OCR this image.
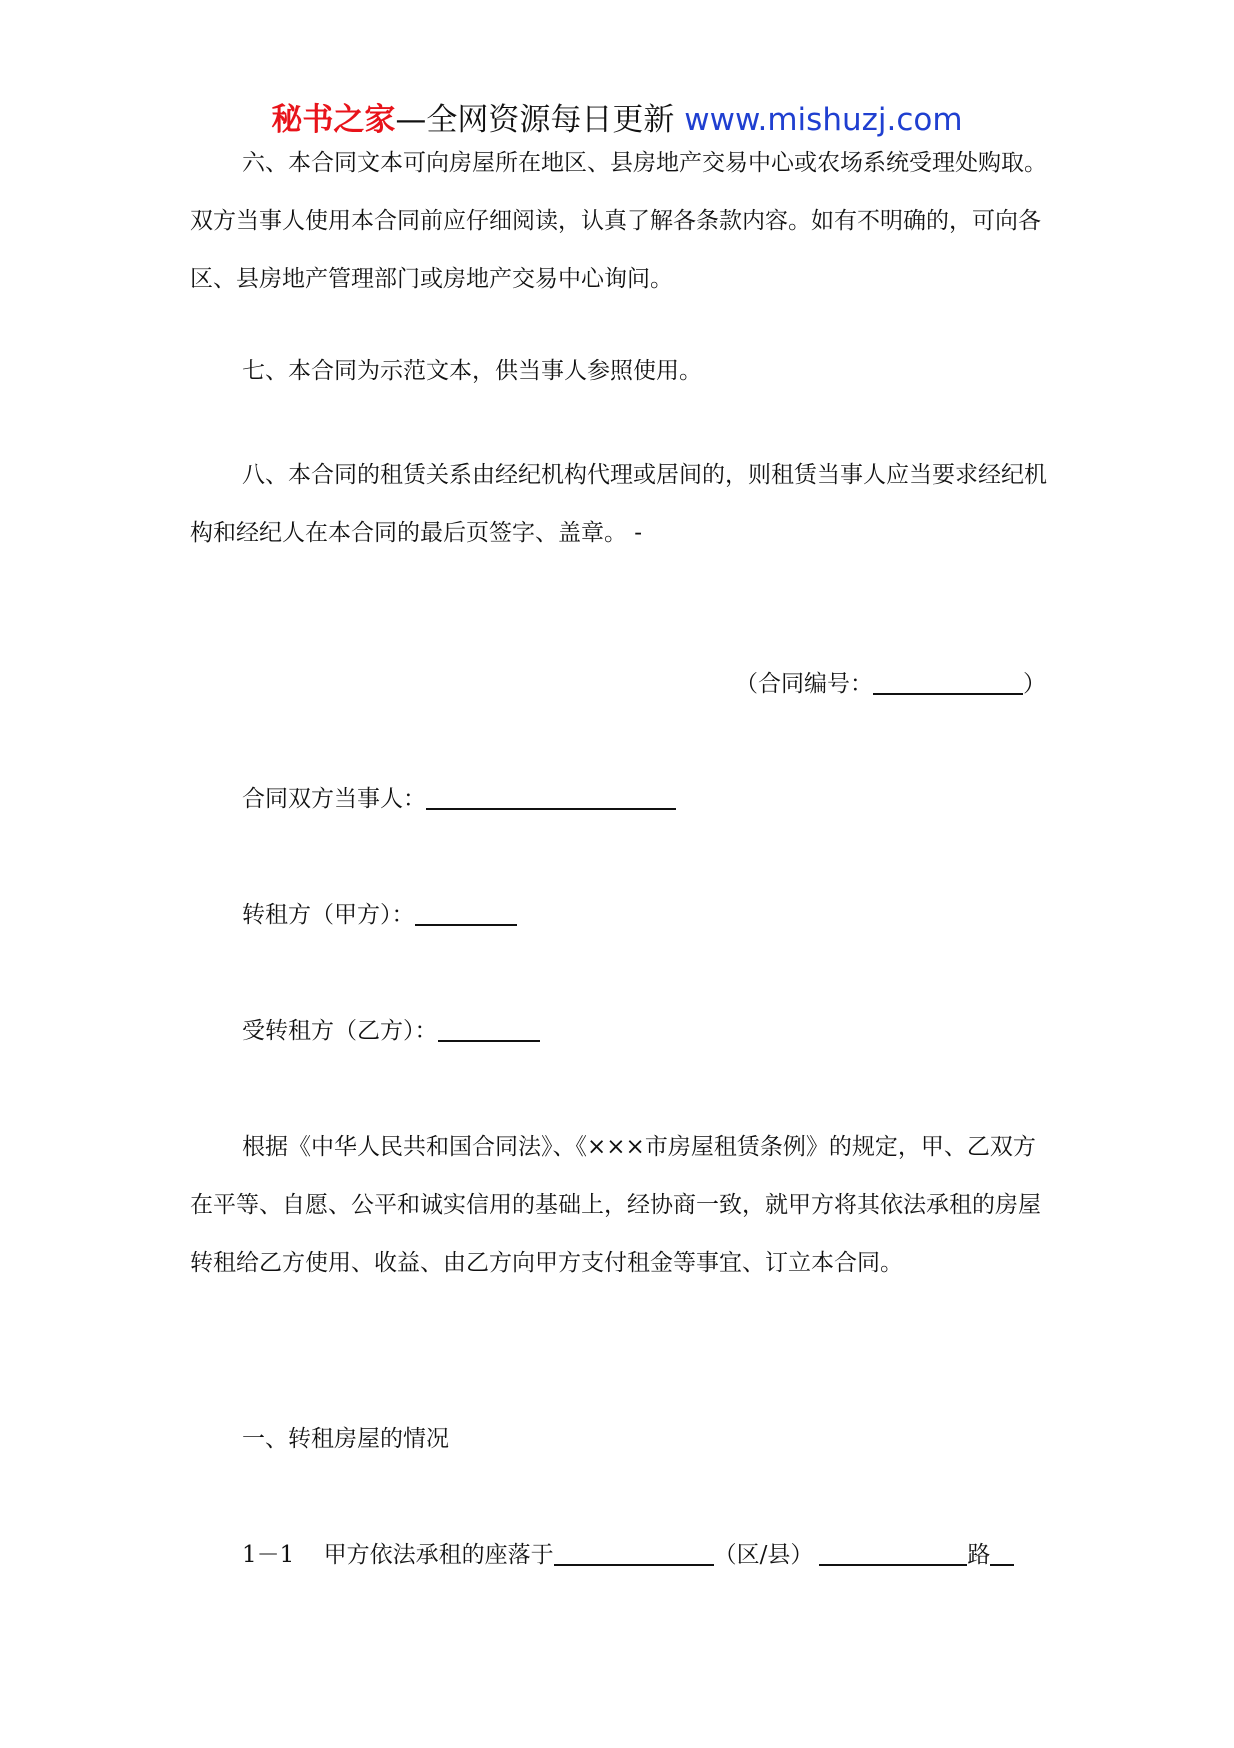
秘书之家—全网资源每日更新 www.mishuzj.com

六、本合同文本可向房屋所在地区、县房地产交易中心或农场系统受理处购取。双方当事人使用本合同前应仔细阅读，认真了解各条款内容。如有不明确的，可向各区、县房地产管理部门或房地产交易中心询问。

七、本合同为示范文本，供当事人参照使用。

八、本合同的租赁关系由经纪机构代理或居间的，则租赁当事人应当要求经纪机构和经纪人在本合同的最后页签字、盖章。 -

（合同编号：	）

合同双方当事人：

转租方（甲方）：

受转租方（乙方）：

根据《中华人民共和国合同法》、《×××市房屋租赁条例》的规定，甲、乙双方在平等、自愿、公平和诚实信用的基础上，经协商一致，就甲方将其依法承租的房屋转租给乙方使用、收益、由乙方向甲方支付租金等事宜、订立本合同。

一、转租房屋的情况

1－1 甲方依法承租的座落于	（区/县）	路
